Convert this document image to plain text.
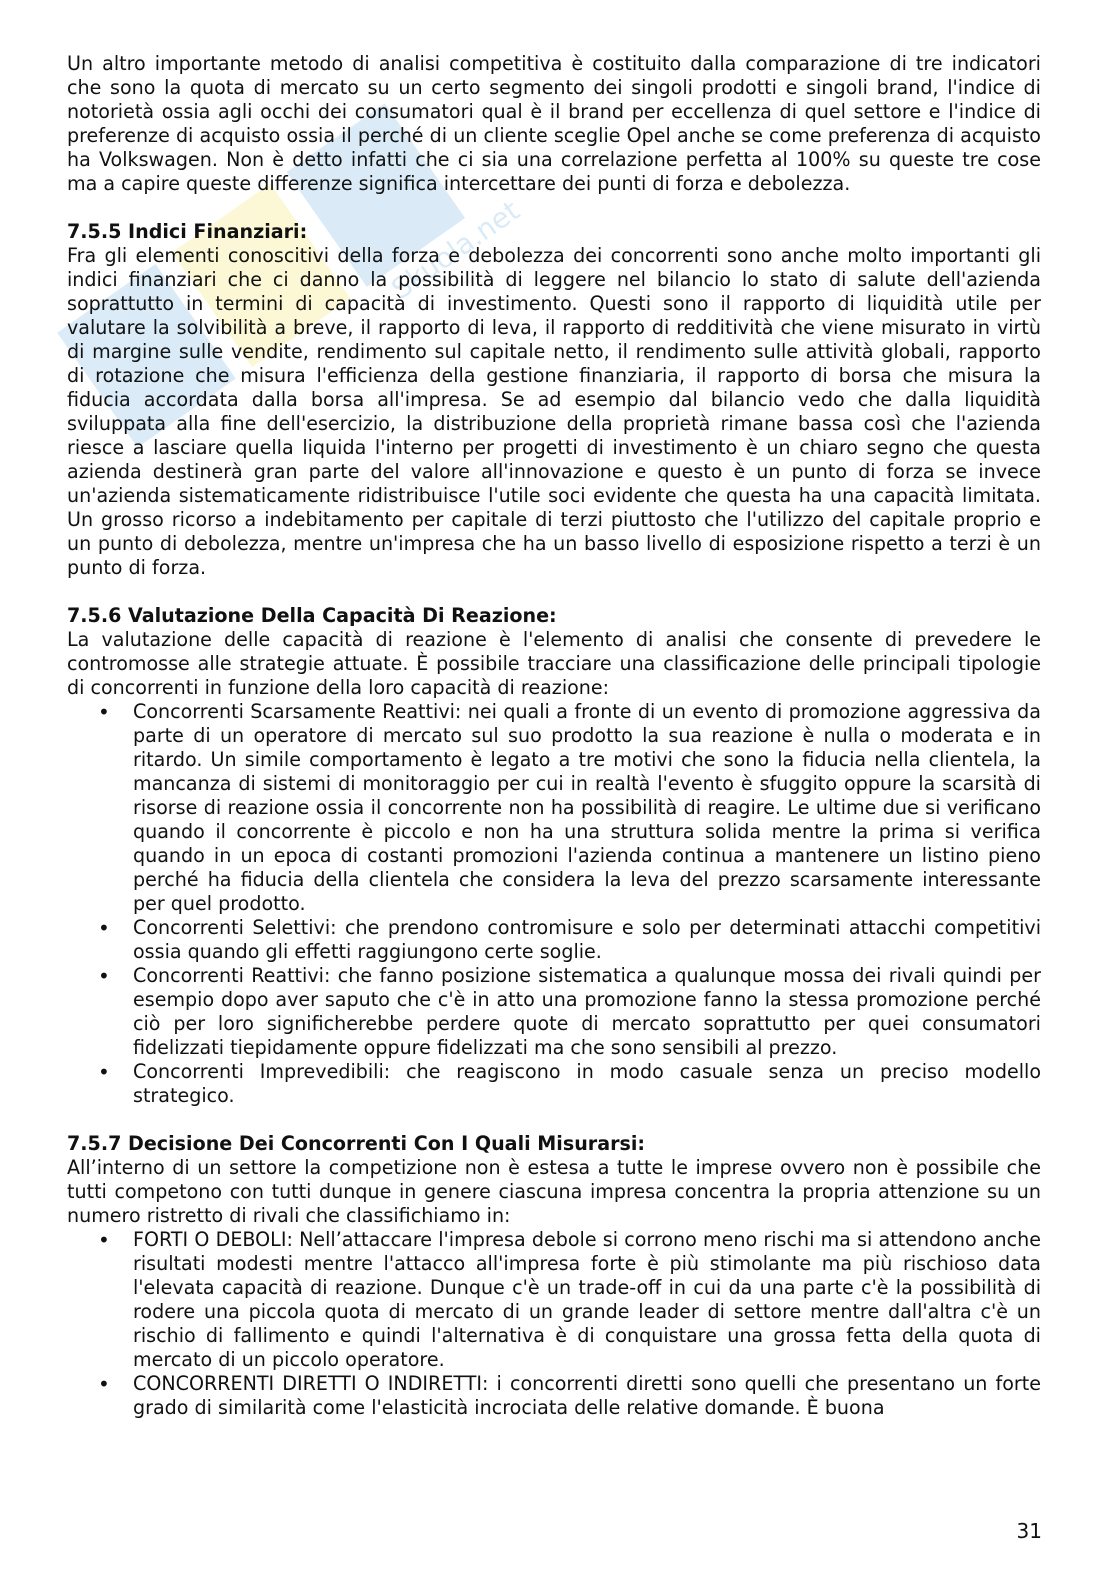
Skuola.net

Un altro importante metodo di analisi competitiva è costituito dalla comparazione di tre indicatori che sono la quota di mercato su un certo segmento dei singoli prodotti e singoli brand, l'indice di notorietà ossia agli occhi dei consumatori qual è il brand per eccellenza di quel settore e l'indice di preferenze di acquisto ossia il perché di un cliente sceglie Opel anche se come preferenza di acquisto ha Volkswagen. Non è detto infatti che ci sia una correlazione perfetta al 100% su queste tre cose ma a capire queste differenze significa intercettare dei punti di forza e debolezza.

7.5.5 Indici Finanziari:

Fra gli elementi conoscitivi della forza e debolezza dei concorrenti sono anche molto importanti gli indici finanziari che ci danno la possibilità di leggere nel bilancio lo stato di salute dell'azienda soprattutto in termini di capacità di investimento. Questi sono il rapporto di liquidità utile per valutare la solvibilità a breve, il rapporto di leva, il rapporto di redditività che viene misurato in virtù di margine sulle vendite, rendimento sul capitale netto, il rendimento sulle attività globali, rapporto di rotazione che misura l'efficienza della gestione finanziaria, il rapporto di borsa che misura la fiducia accordata dalla borsa all'impresa. Se ad esempio dal bilancio vedo che dalla liquidità sviluppata alla fine dell'esercizio, la distribuzione della proprietà rimane bassa così che l'azienda riesce a lasciare quella liquida l'interno per progetti di investimento è un chiaro segno che questa azienda destinerà gran parte del valore all'innovazione e questo è un punto di forza se invece un'azienda sistematicamente ridistribuisce l'utile soci evidente che questa ha una capacità limitata. Un grosso ricorso a indebitamento per capitale di terzi piuttosto che l'utilizzo del capitale proprio e un punto di debolezza, mentre un'impresa che ha un basso livello di esposizione rispetto a terzi è un punto di forza.

7.5.6 Valutazione Della Capacità Di Reazione:

La valutazione delle capacità di reazione è l'elemento di analisi che consente di prevedere le contromosse alle strategie attuate. È possibile tracciare una classificazione delle principali tipologie di concorrenti in funzione della loro capacità di reazione:

• Concorrenti Scarsamente Reattivi: nei quali a fronte di un evento di promozione aggressiva da parte di un operatore di mercato sul suo prodotto la sua reazione è nulla o moderata e in ritardo. Un simile comportamento è legato a tre motivi che sono la fiducia nella clientela, la mancanza di sistemi di monitoraggio per cui in realtà l'evento è sfuggito oppure la scarsità di risorse di reazione ossia il concorrente non ha possibilità di reagire. Le ultime due si verificano quando il concorrente è piccolo e non ha una struttura solida mentre la prima si verifica quando in un epoca di costanti promozioni l'azienda continua a mantenere un listino pieno perché ha fiducia della clientela che considera la leva del prezzo scarsamente interessante per quel prodotto.
• Concorrenti Selettivi: che prendono contromisure e solo per determinati attacchi competitivi ossia quando gli effetti raggiungono certe soglie.
• Concorrenti Reattivi: che fanno posizione sistematica a qualunque mossa dei rivali quindi per esempio dopo aver saputo che c'è in atto una promozione fanno la stessa promozione perché ciò per loro significherebbe perdere quote di mercato soprattutto per quei consumatori fidelizzati tiepidamente oppure fidelizzati ma che sono sensibili al prezzo.
• Concorrenti Imprevedibili: che reagiscono in modo casuale senza un preciso modello strategico.
7.5.7 Decisione Dei Concorrenti Con I Quali Misurarsi:

All’interno di un settore la competizione non è estesa a tutte le imprese ovvero non è possibile che tutti competono con tutti dunque in genere ciascuna impresa concentra la propria attenzione su un numero ristretto di rivali che classifichiamo in:

• FORTI O DEBOLI: Nell’attaccare l'impresa debole si corrono meno rischi ma si attendono anche risultati modesti mentre l'attacco all'impresa forte è più stimolante ma più rischioso data l'elevata capacità di reazione. Dunque c'è un trade-off in cui da una parte c'è la possibilità di rodere una piccola quota di mercato di un grande leader di settore mentre dall'altra c'è un rischio di fallimento e quindi l'alternativa è di conquistare una grossa fetta della quota di mercato di un piccolo operatore.
• CONCORRENTI DIRETTI O INDIRETTI: i concorrenti diretti sono quelli che presentano un forte grado di similarità come l'elasticità incrociata delle relative domande. È buona
31
